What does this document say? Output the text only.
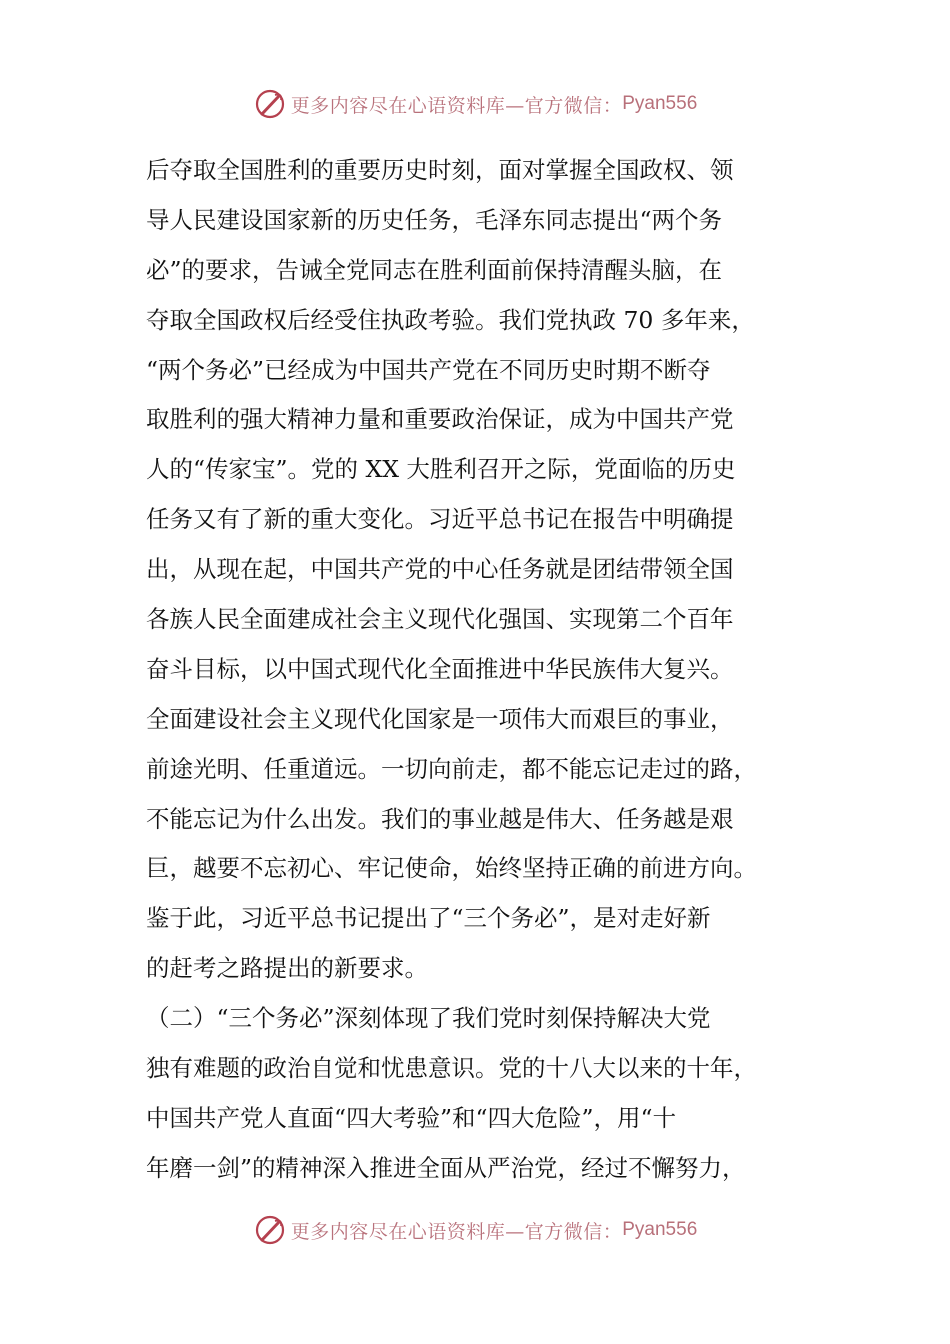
更多内容尽在心语资料库—官方微信： Pyan556
后夺取全国胜利的重要历史时刻，面对掌握全国政权、领
导人民建设国家新的历史任务，毛泽东同志提出“两个务
必”的要求，告诫全党同志在胜利面前保持清醒头脑，在
夺取全国政权后经受住执政考验。我们党执政 70 多年来，
“两个务必”已经成为中国共产党在不同历史时期不断夺
取胜利的强大精神力量和重要政治保证，成为中国共产党
人的“传家宝”。党的 XX 大胜利召开之际，党面临的历史
任务又有了新的重大变化。习近平总书记在报告中明确提
出，从现在起，中国共产党的中心任务就是团结带领全国
各族人民全面建成社会主义现代化强国、实现第二个百年
奋斗目标，以中国式现代化全面推进中华民族伟大复兴。
全面建设社会主义现代化国家是一项伟大而艰巨的事业，
前途光明、任重道远。一切向前走，都不能忘记走过的路，
不能忘记为什么出发。我们的事业越是伟大、任务越是艰
巨，越要不忘初心、牢记使命，始终坚持正确的前进方向。
鉴于此，习近平总书记提出了“三个务必”，是对走好新
的赶考之路提出的新要求。
（二）“三个务必”深刻体现了我们党时刻保持解决大党
独有难题的政治自觉和忧患意识。党的十八大以来的十年，
中国共产党人直面“四大考验”和“四大危险”，用“十
年磨一剑”的精神深入推进全面从严治党，经过不懈努力，
更多内容尽在心语资料库—官方微信： Pyan556
